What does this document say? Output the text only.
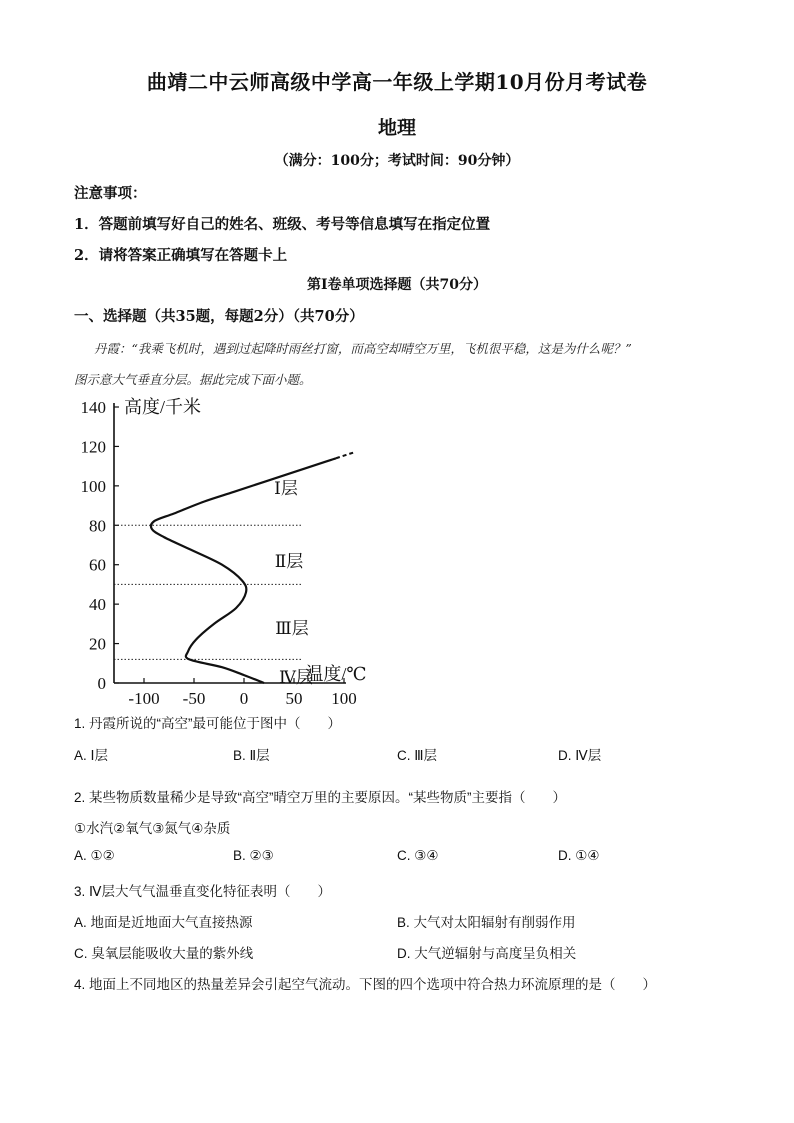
曲靖二中云师高级中学高一年级上学期10月份月考试卷
地理
（满分：100分；考试时间：90分钟）
注意事项：
1．答题前填写好自己的姓名、班级、考号等信息填写在指定位置
2．请将答案正确填写在答题卡上
第Ⅰ卷单项选择题（共70分）
一、选择题（共35题，每题2分）（共70分）
丹霞：“我乘飞机时，遇到过起降时雨丝打窗，而高空却晴空万里，飞机很平稳，这是为什么呢？”
图示意大气垂直分层。据此完成下面小题。
0
20
40
60
80
100
120
140 高度/千米
-100 -50 0 50 100
温度/℃
Ⅰ层
Ⅱ层
Ⅲ层
Ⅳ层
1. 丹霞所说的“高空”最可能位于图中（　　）
A. Ⅰ层	B. Ⅱ层	C. Ⅲ层	D. Ⅳ层
2. 某些物质数量稀少是导致“高空”晴空万里的主要原因。“某些物质”主要指（　　）
①水汽②氧气③氮气④杂质
A. ①②	B. ②③	C. ③④	D. ①④
3. Ⅳ层大气气温垂直变化特征表明（　　）
A. 地面是近地面大气直接热源	B. 大气对太阳辐射有削弱作用
C. 臭氧层能吸收大量的紫外线	D. 大气逆辐射与高度呈负相关
4. 地面上不同地区的热量差异会引起空气流动。下图的四个选项中符合热力环流原理的是（　　）
